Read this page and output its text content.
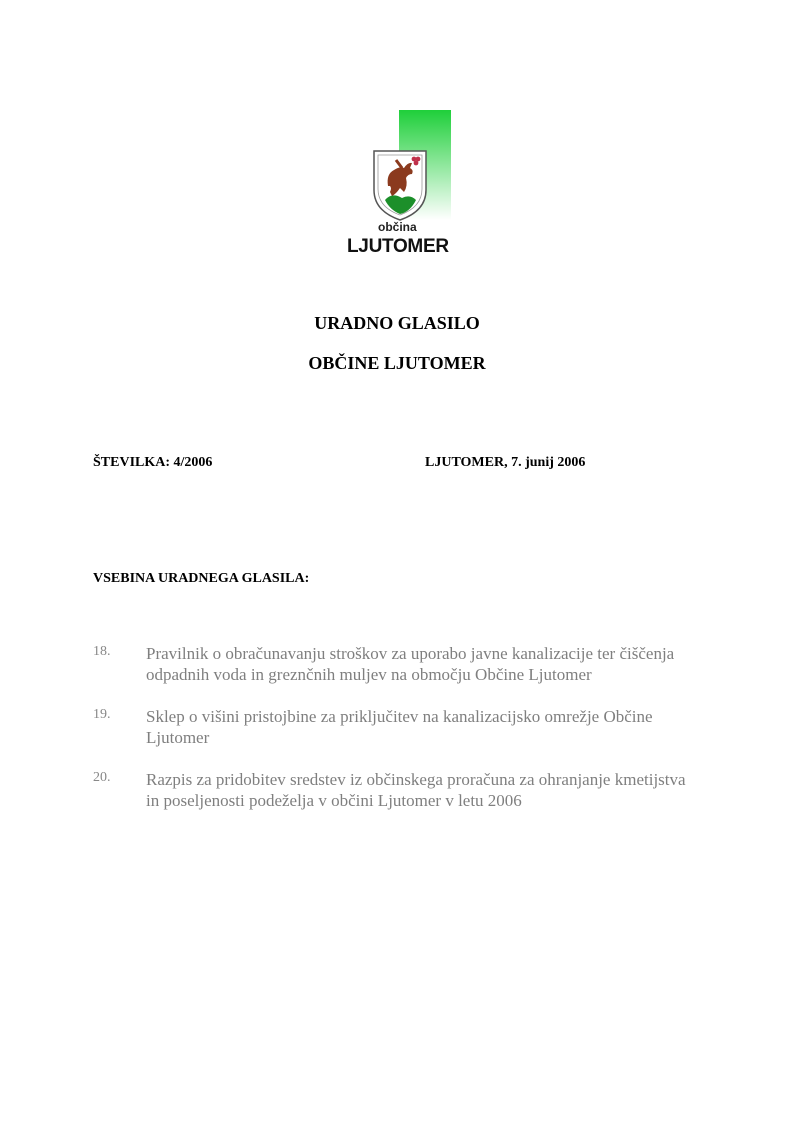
občina
LJUTOMER
URADNO GLASILO
OBČINE LJUTOMER
ŠTEVILKA: 4/2006	LJUTOMER, 7. junij 2006
VSEBINA URADNEGA GLASILA:
18.	Pravilnik o obračunavanju stroškov za uporabo javne kanalizacije ter čiščenja odpadnih voda in greznčnih muljev na območju Občine Ljutomer
19.	Sklep o višini pristojbine za priključitev na kanalizacijsko omrežje Občine Ljutomer
20.	Razpis za pridobitev sredstev iz občinskega proračuna za ohranjanje kmetijstva in poseljenosti podeželja v občini Ljutomer v letu 2006
